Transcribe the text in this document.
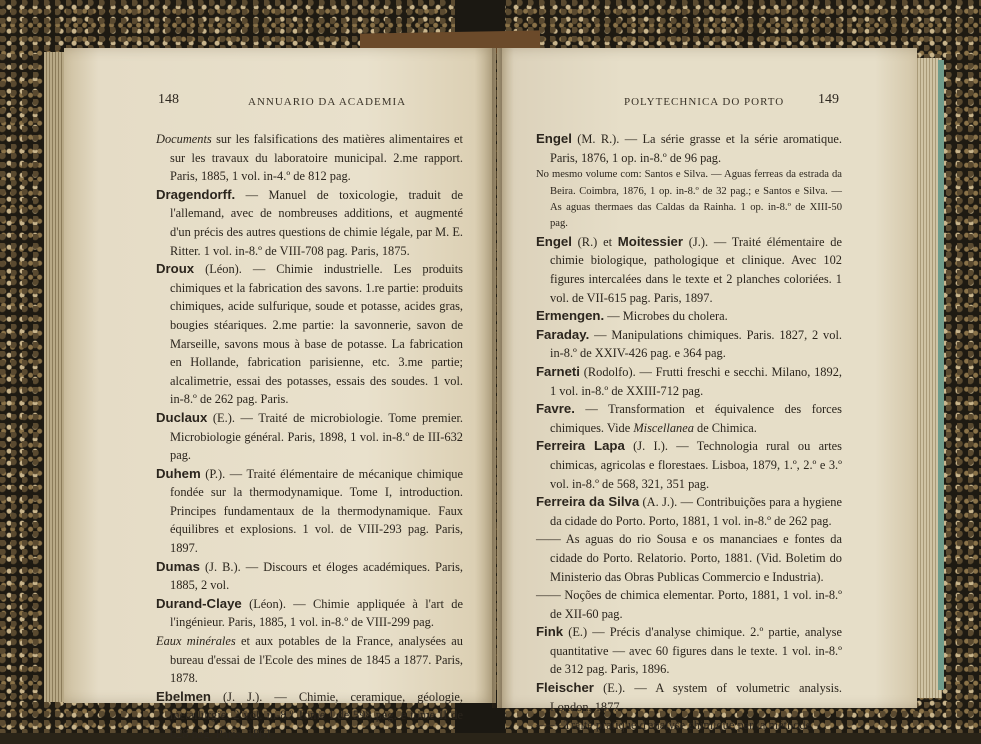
148	ANNUARIO DA ACADEMIA	POLYTECHNICA DO PORTO 149

Documents sur les falsifications des matières alimentaires et sur les travaux du laboratoire municipal. 2.me rapport. Paris, 1885, 1 vol. in-4.º de 812 pag.

Dragendorff. — Manuel de toxicologie, traduit de l'allemand, avec de nombreuses additions, et augmenté d'un précis des autres questions de chimie légale, par M. E. Ritter. 1 vol. in-8.º de VIII-708 pag. Paris, 1875.

Droux (Léon). — Chimie industrielle. Les produits chimiques et la fabrication des savons. 1.re partie: produits chimiques, acide sulfurique, soude et potasse, acides gras, bougies stéariques. 2.me partie: la savonnerie, savon de Marseille, savons mous à base de potasse. La fabrication en Hollande, fabrication parisienne, etc. 3.me partie; alcalimetrie, essai des potasses, essais des soudes. 1 vol. in-8.º de 262 pag. Paris.

Duclaux (E.). — Traité de microbiologie. Tome premier. Microbiologie général. Paris, 1898, 1 vol. in-8.º de III-632 pag.

Duhem (P.). — Traité élémentaire de mécanique chimique fondée sur la thermodynamique. Tome I, introduction. Principes fundamentaux de la thermodynamique. Faux équilibres et explosions. 1 vol. de VIII-293 pag. Paris, 1897.

Dumas (J. B.). — Discours et éloges académiques. Paris, 1885, 2 vol.

Durand-Claye (Léon). — Chimie appliquée à l'art de l'ingénieur. Paris, 1885, 1 vol. in-8.º de VIII-299 pag.

Eaux minérales et aux potables de la France, analysées au bureau d'essai de l'Ecole des mines de 1845 a 1877. Paris, 1878.

Ebelmen (J. J.). — Chimie, ceramique, géologie, metallurgie. 2 vol. in-8.º Tome I de 598 pag. e tome II de 628 pag. Paris, 1861.

Engel (M. R.). — La série grasse et la série aromatique. Paris, 1876, 1 op. in-8.º de 96 pag.

No mesmo volume com: Santos e Silva. — Aguas ferreas da estrada da Beira. Coimbra, 1876, 1 op. in-8.º de 32 pag.; e Santos e Silva. — As aguas thermaes das Caldas da Rainha. 1 op. in-8.º de XIII-50 pag.

Engel (R.) et Moitessier (J.). — Traité élémentaire de chimie biologique, pathologique et clinique. Avec 102 figures intercalées dans le texte et 2 planches coloriées. 1 vol. de VII-615 pag. Paris, 1897.

Ermengen. — Microbes du cholera.

Faraday. — Manipulations chimiques. Paris. 1827, 2 vol. in-8.º de XXIV-426 pag. e 364 pag.

Farneti (Rodolfo). — Frutti freschi e secchi. Milano, 1892, 1 vol. in-8.º de XXIII-712 pag.

Favre. — Transformation et équivalence des forces chimiques. Vide Miscellanea de Chimica.

Ferreira Lapa (J. I.). — Technologia rural ou artes chimicas, agricolas e florestaes. Lisboa, 1879, 1.º, 2.º e 3.º vol. in-8.º de 568, 321, 351 pag.

Ferreira da Silva (A. J.). — Contribuições para a hygiene da cidade do Porto. Porto, 1881, 1 vol. in-8.º de 262 pag.

—— As aguas do rio Sousa e os mananciaes e fontes da cidade do Porto. Relatorio. Porto, 1881. (Vid. Boletim do Ministerio das Obras Publicas Commercio e Industria).

—— Noções de chimica elementar. Porto, 1881, 1 vol. in-8.º de XII-60 pag.

Fink (E.) — Précis d'analyse chimique. 2.º partie, analyse quantitative — avec 60 figures dans le texte. 1 vol. in-8.º de 312 pag. Paris, 1896.

Fleischer (E.). — A system of volumetric analysis. London, 1877.

—— Traité pratique d'analyse chimique par la méthode
